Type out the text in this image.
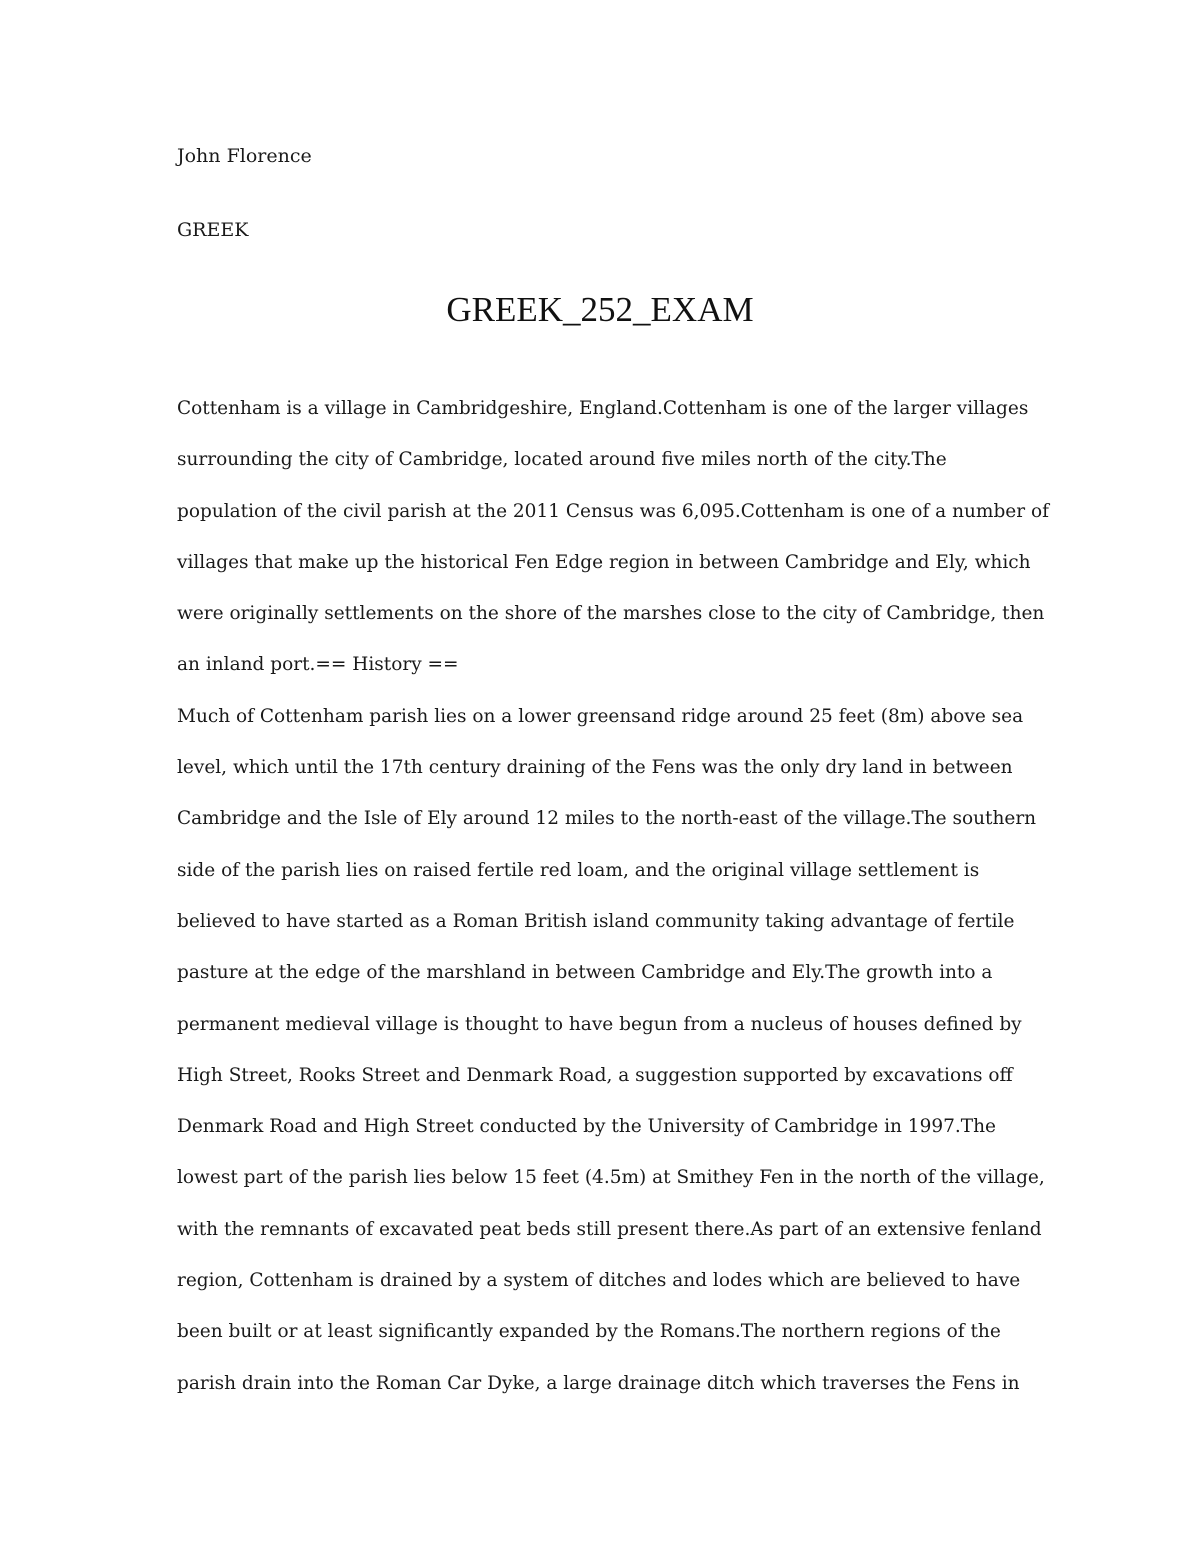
John Florence
GREEK
GREEK_252_EXAM
Cottenham is a village in Cambridgeshire, England.Cottenham is one of the larger villages
surrounding the city of Cambridge, located around five miles north of the city.The
population of the civil parish at the 2011 Census was 6,095.Cottenham is one of a number of
villages that make up the historical Fen Edge region in between Cambridge and Ely, which
were originally settlements on the shore of the marshes close to the city of Cambridge, then
an inland port.== History ==
Much of Cottenham parish lies on a lower greensand ridge around 25 feet (8m) above sea
level, which until the 17th century draining of the Fens was the only dry land in between
Cambridge and the Isle of Ely around 12 miles to the north-east of the village.The southern
side of the parish lies on raised fertile red loam, and the original village settlement is
believed to have started as a Roman British island community taking advantage of fertile
pasture at the edge of the marshland in between Cambridge and Ely.The growth into a
permanent medieval village is thought to have begun from a nucleus of houses defined by
High Street, Rooks Street and Denmark Road, a suggestion supported by excavations off
Denmark Road and High Street conducted by the University of Cambridge in 1997.The
lowest part of the parish lies below 15 feet (4.5m) at Smithey Fen in the north of the village,
with the remnants of excavated peat beds still present there.As part of an extensive fenland
region, Cottenham is drained by a system of ditches and lodes which are believed to have
been built or at least significantly expanded by the Romans.The northern regions of the
parish drain into the Roman Car Dyke, a large drainage ditch which traverses the Fens in
